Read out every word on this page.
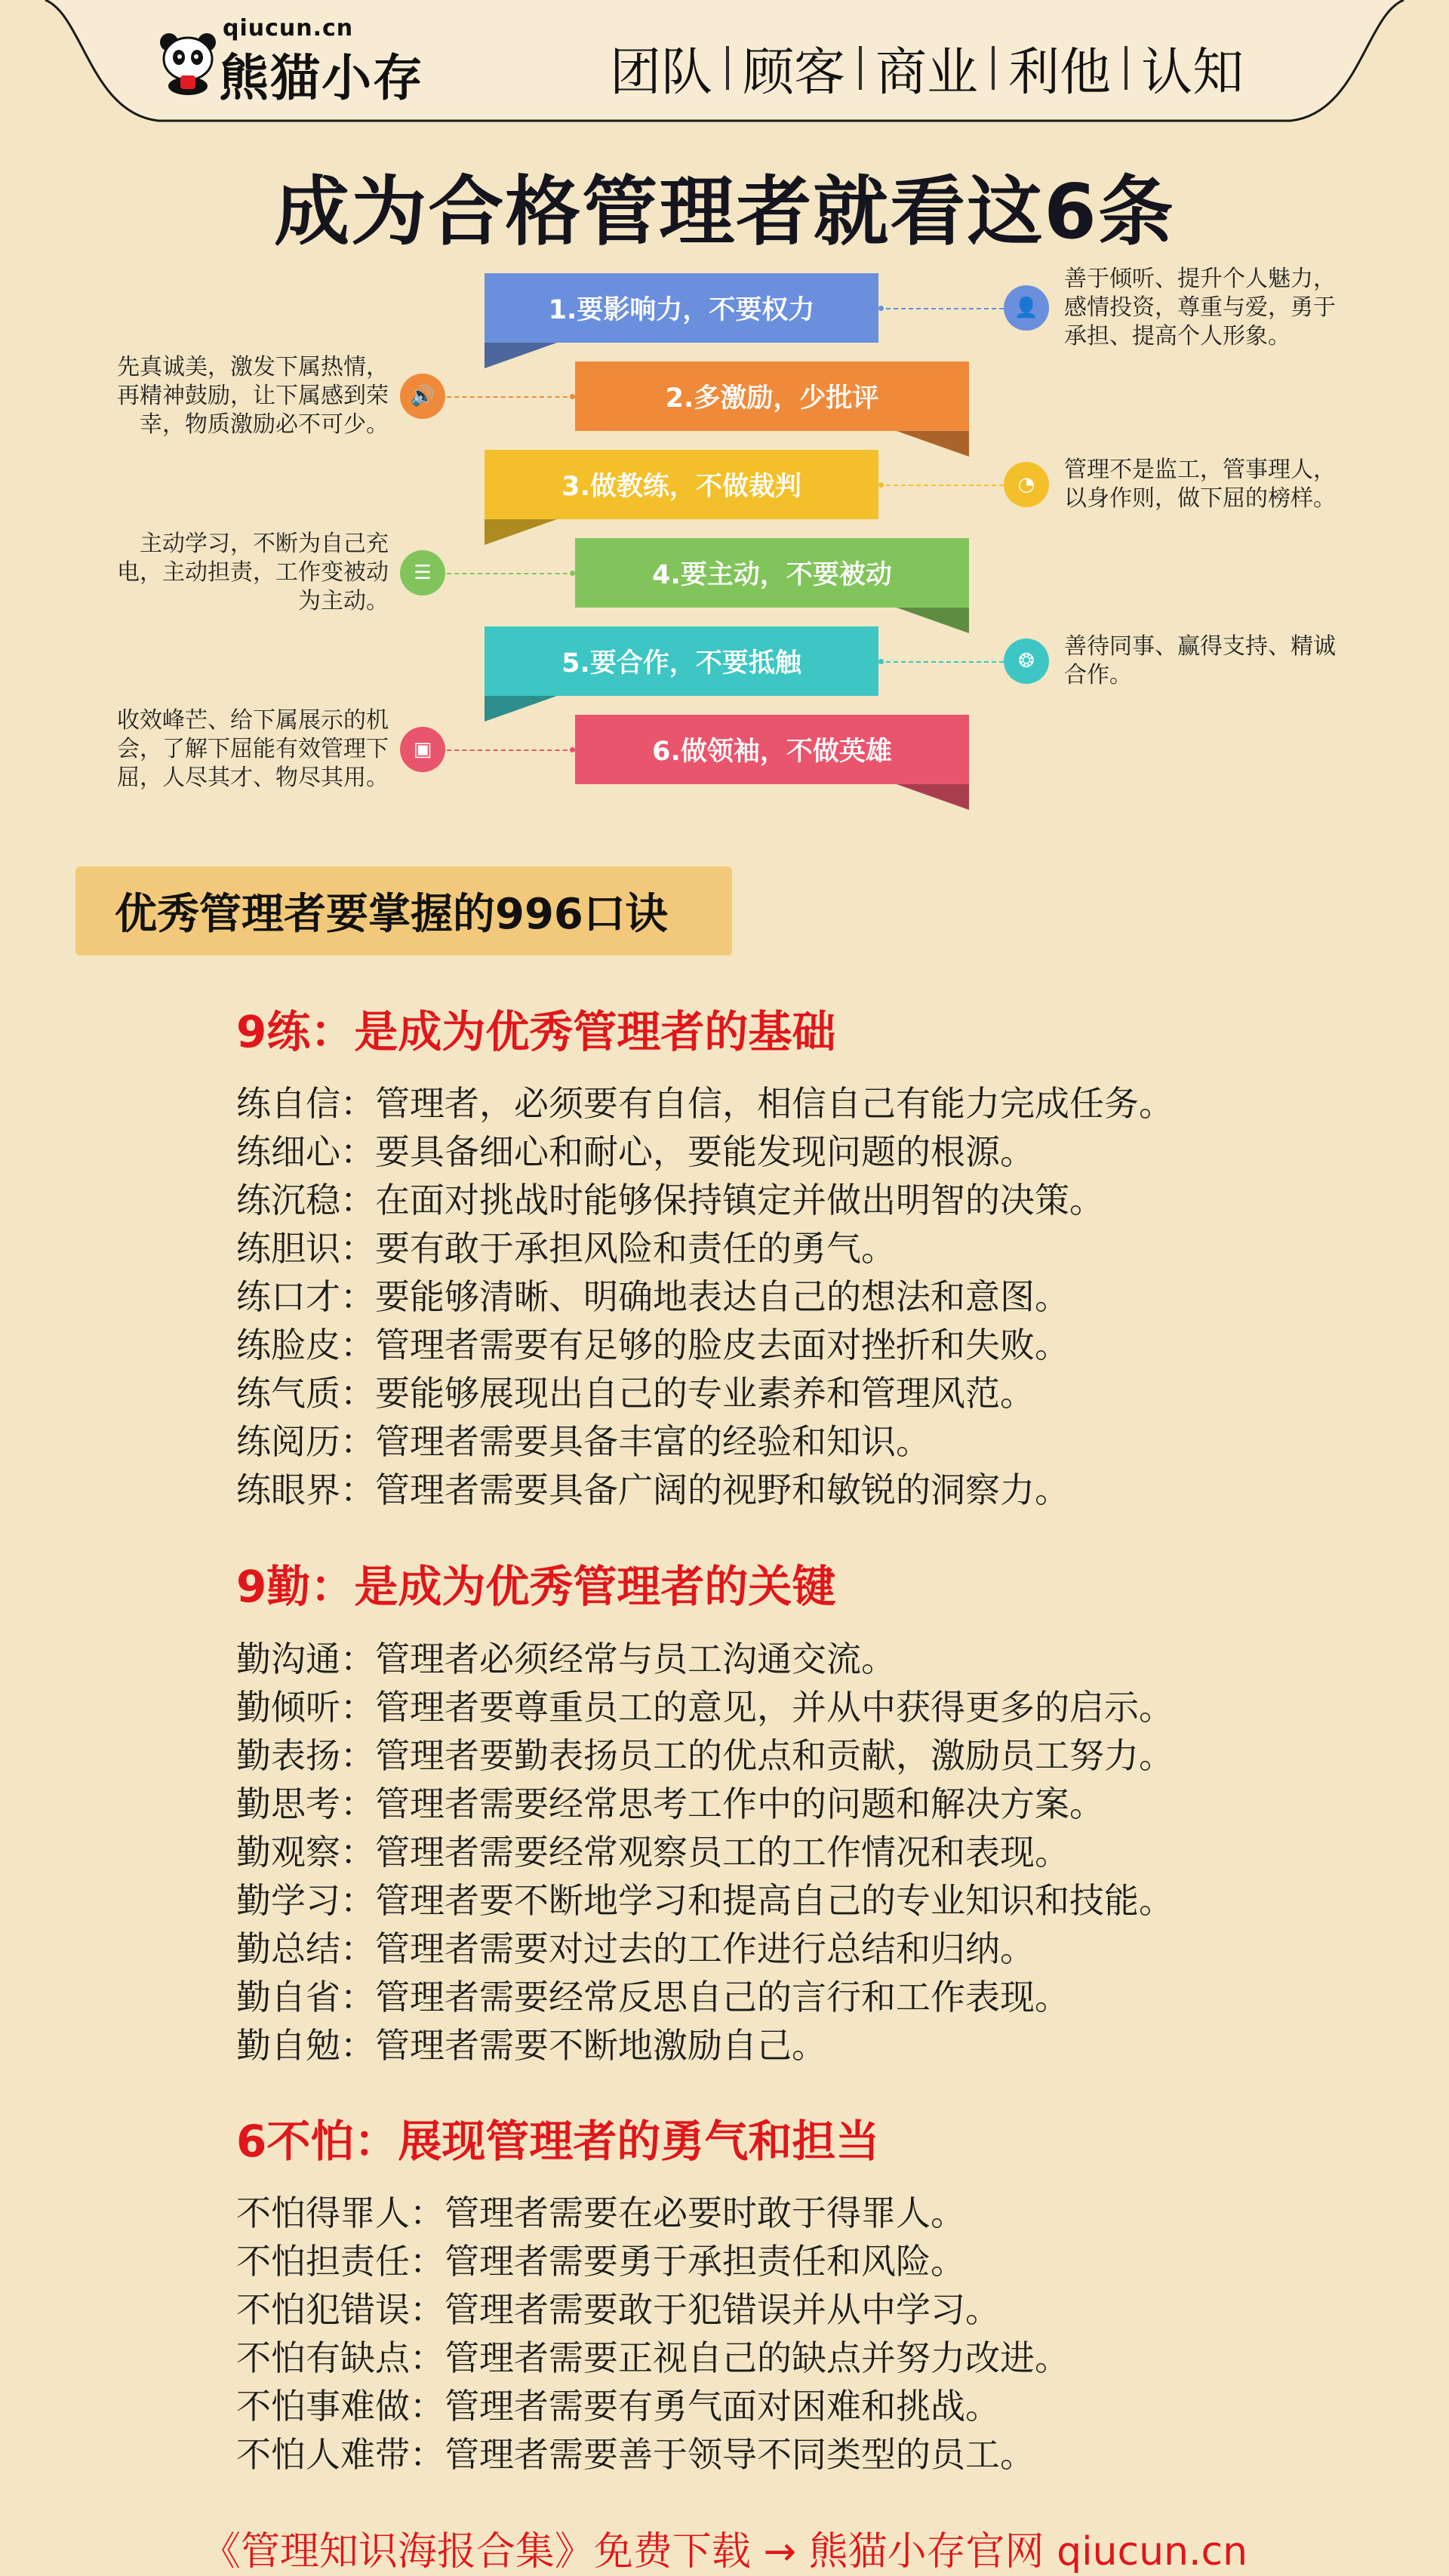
qiucun.cn
熊猫小存	团队 顾客 商业 利他 认知
成为合格管理者就看这6条
1.要影响力，不要权力	👤
善于倾听、提升个人魅力，
感情投资，尊重与爱，勇于
承担、提高个人形象。
2.多激励，少批评
🔊
先真诚美，激发下属热情，
再精神鼓励，让下属感到荣
幸，物质激励必不可少。
3.做教练，不做裁判	◔
管理不是监工，管事理人，
以身作则，做下屈的榜样。
4.要主动，不要被动
☰
主动学习，不断为自己充
电，主动担责，工作变被动
为主动。
5.要合作，不要抵触	❂
善待同事、赢得支持、精诚
合作。
6.做领袖，不做英雄
▣
收效峰芒、给下属展示的机
会，了解下屈能有效管理下
屈，人尽其才、物尽其用。
优秀管理者要掌握的996口诀
9练：是成为优秀管理者的基础
练自信：管理者，必须要有自信，相信自己有能力完成任务。
练细心：要具备细心和耐心，要能发现问题的根源。
练沉稳：在面对挑战时能够保持镇定并做出明智的决策。
练胆识：要有敢于承担风险和责任的勇气。
练口才：要能够清晰、明确地表达自己的想法和意图。
练脸皮：管理者需要有足够的脸皮去面对挫折和失败。
练气质：要能够展现出自己的专业素养和管理风范。
练阅历：管理者需要具备丰富的经验和知识。
练眼界：管理者需要具备广阔的视野和敏锐的洞察力。
9勤：是成为优秀管理者的关键
勤沟通：管理者必须经常与员工沟通交流。
勤倾听：管理者要尊重员工的意见，并从中获得更多的启示。
勤表扬：管理者要勤表扬员工的优点和贡献，激励员工努力。
勤思考：管理者需要经常思考工作中的问题和解决方案。
勤观察：管理者需要经常观察员工的工作情况和表现。
勤学习：管理者要不断地学习和提高自己的专业知识和技能。
勤总结：管理者需要对过去的工作进行总结和归纳。
勤自省：管理者需要经常反思自己的言行和工作表现。
勤自勉：管理者需要不断地激励自己。
6不怕：展现管理者的勇气和担当
不怕得罪人：管理者需要在必要时敢于得罪人。
不怕担责任：管理者需要勇于承担责任和风险。
不怕犯错误：管理者需要敢于犯错误并从中学习。
不怕有缺点：管理者需要正视自己的缺点并努力改进。
不怕事难做：管理者需要有勇气面对困难和挑战。
不怕人难带：管理者需要善于领导不同类型的员工。
《管理知识海报合集》免费下载 → 熊猫小存官网 qiucun.cn
